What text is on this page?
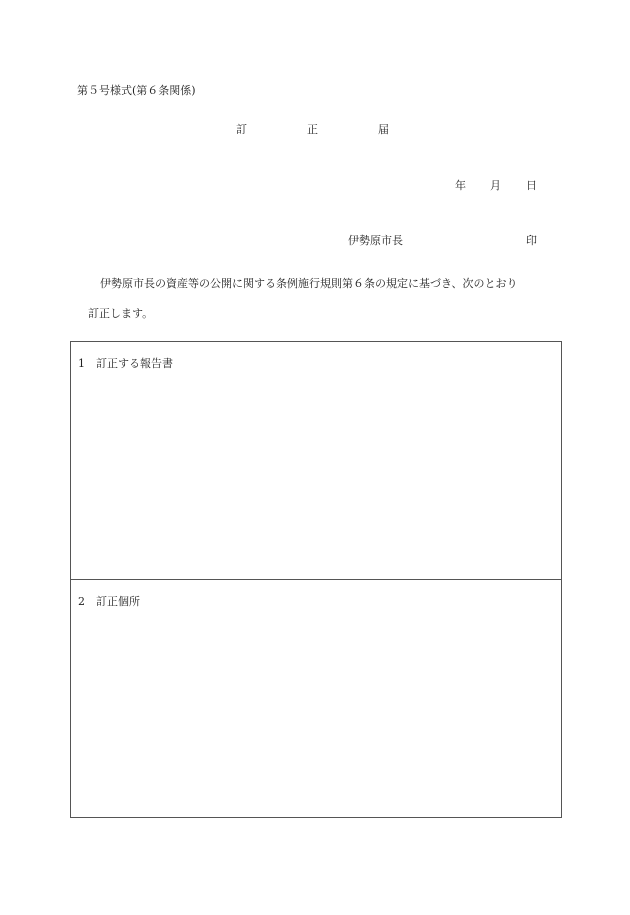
第５号様式(第６条関係)
訂	正	届
年 月 日
伊勢原市長	印
伊勢原市長の資産等の公開に関する条例施行規則第６条の規定に基づき、次のとおり
訂正します。
1　訂正する報告書
2　訂正個所
